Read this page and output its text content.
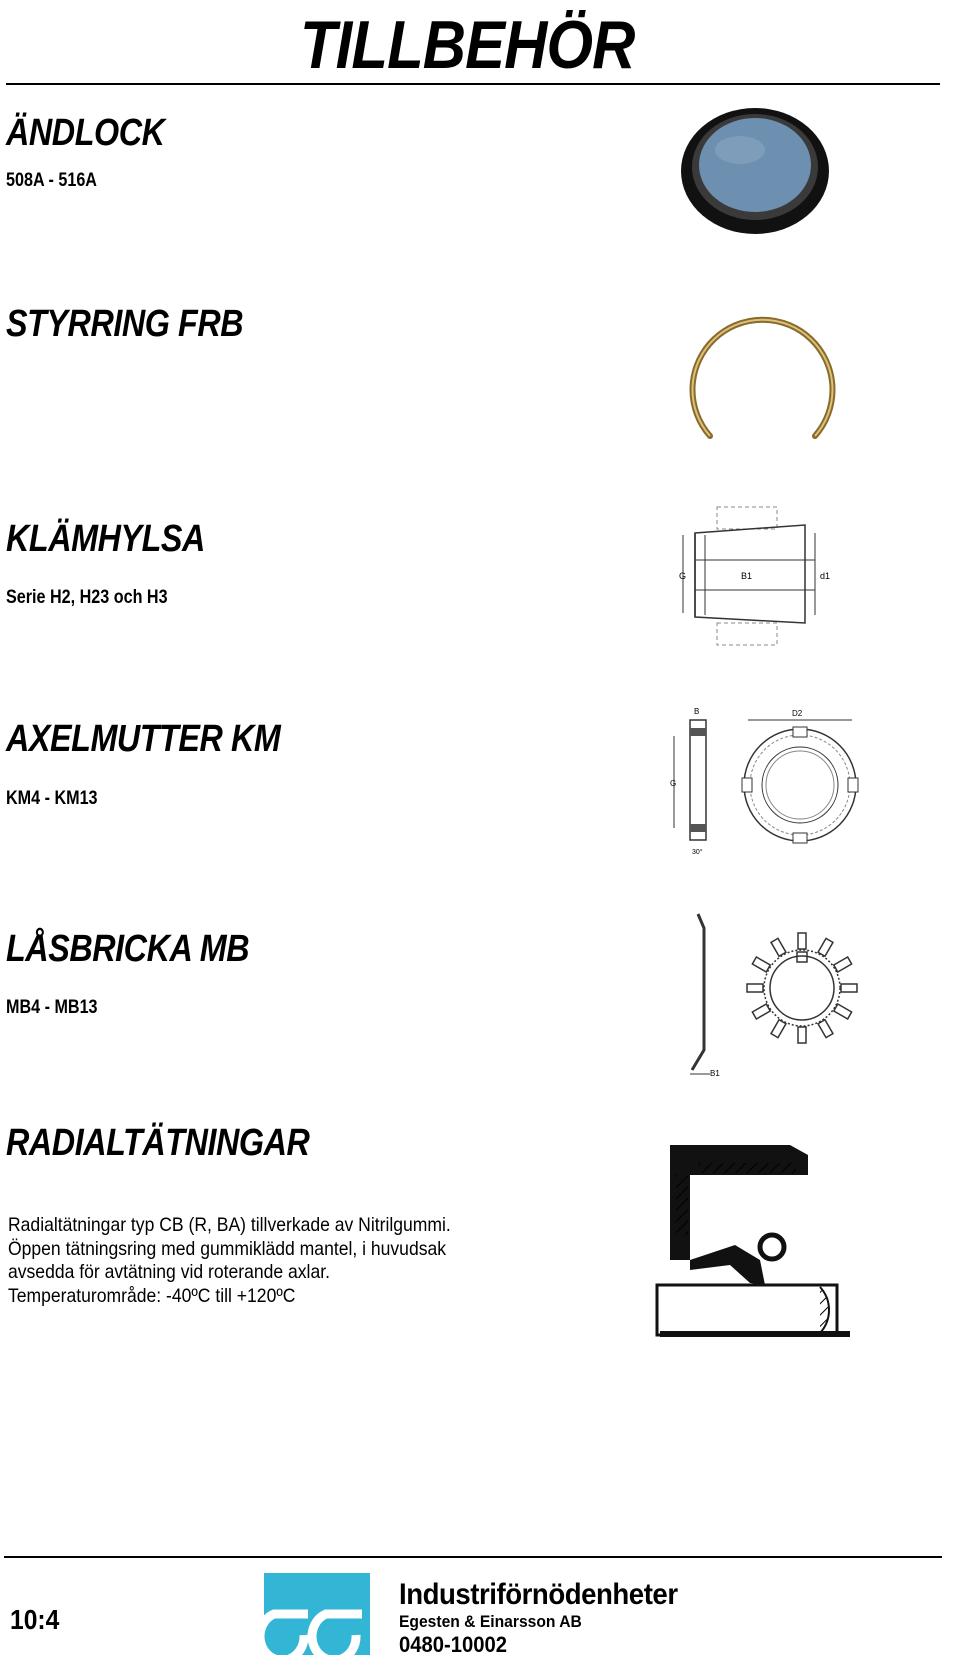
TILLBEHÖR
ÄNDLOCK
508A - 516A
STYRRING FRB
KLÄMHYLSA
Serie H2, H23 och H3
G	B1	d1
AXELMUTTER KM
KM4 - KM13
G
B
30°
D2
LÅSBRICKA MB
MB4 - MB13
B1
RADIALTÄTNINGAR
Radialtätningar typ CB (R, BA) tillverkade av Nitrilgummi.
Öppen tätningsring med gummiklädd mantel, i huvudsak
avsedda för avtätning vid roterande axlar.
Temperaturområde: -40ºC till +120ºC
10:4
Industriförnödenheter
Egesten & Einarsson AB
0480-10002
